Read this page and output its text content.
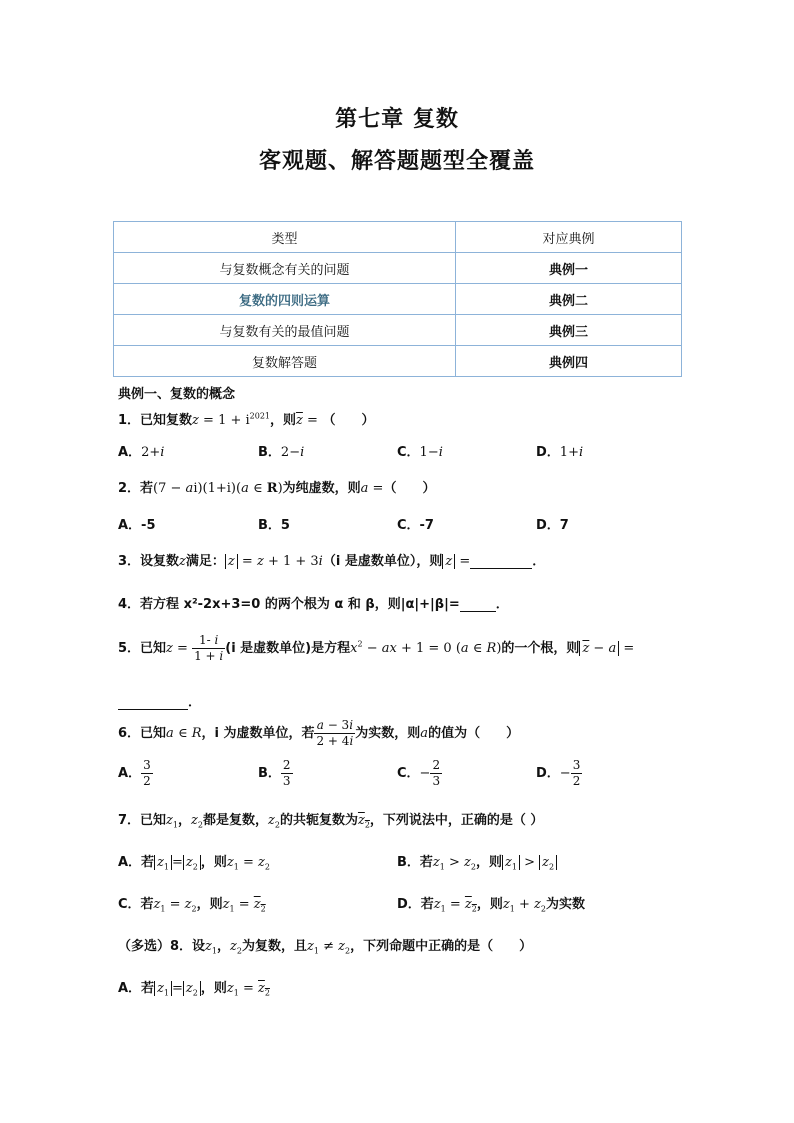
第七章 复数
客观题、解答题题型全覆盖
类型	对应典例
与复数概念有关的问题	典例一
复数的四则运算	典例二
与复数有关的最值问题	典例三
复数解答题	典例四
典例一、复数的概念
1．已知复数$z = 1 + i^{2021}$，则$\overline{z}$ = （　　）
A．2+i	B．2−i	C．1−i	D．1+i
2．若(7 − ai)(1+i)(a ∈ R)为纯虚数，则a =（　　）
A．-5	B．5	C．-7	D．7
3．设复数z满足： z = z + 1 + 3i（i 是虚数单位），则 z =	．
4．若方程 x²-2x+3=0 的两个根为 α 和 β，则|α|+|β|=	．
5．已知$z = \frac{1- i}{1 + i} (i$ 是虚数单位)是方程$x^2$ − ax + 1 = 0 (a ∈ R)的一个根，则 $\overline{z} - a$ =
．
6．已知a ∈ R，i 为虚数单位，若 $\frac{a - 3i}{2 + 4i}$ 为实数，则a的值为（　　）
A． $\frac{3}{2}$	B． $\frac{2}{3}$	C．− $\frac{2}{3}$	D．− $\frac{3}{2}$
7．已知$z_1$，$z_2$都是复数，$z_2$的共轭复数为$z_2$，下列说法中，正确的是（ ）
A．若 $z_1 = z_2$ ，则$z_1 = z_2$	B．若$z_1 > z_2$，则 $z_1 > z_2$
C．若$z_1 = z_2$，则$z_1 = z_2$	D．若$z_1 = z_2$，则$z_1 + z_2$为实数
（多选）8．设$z_1$，$z_2$为复数，且$z_1 \ne z_2$，下列命题中正确的是（　　）
A．若 $z_1 = z_2$ ，则$z_1 = z_2$
